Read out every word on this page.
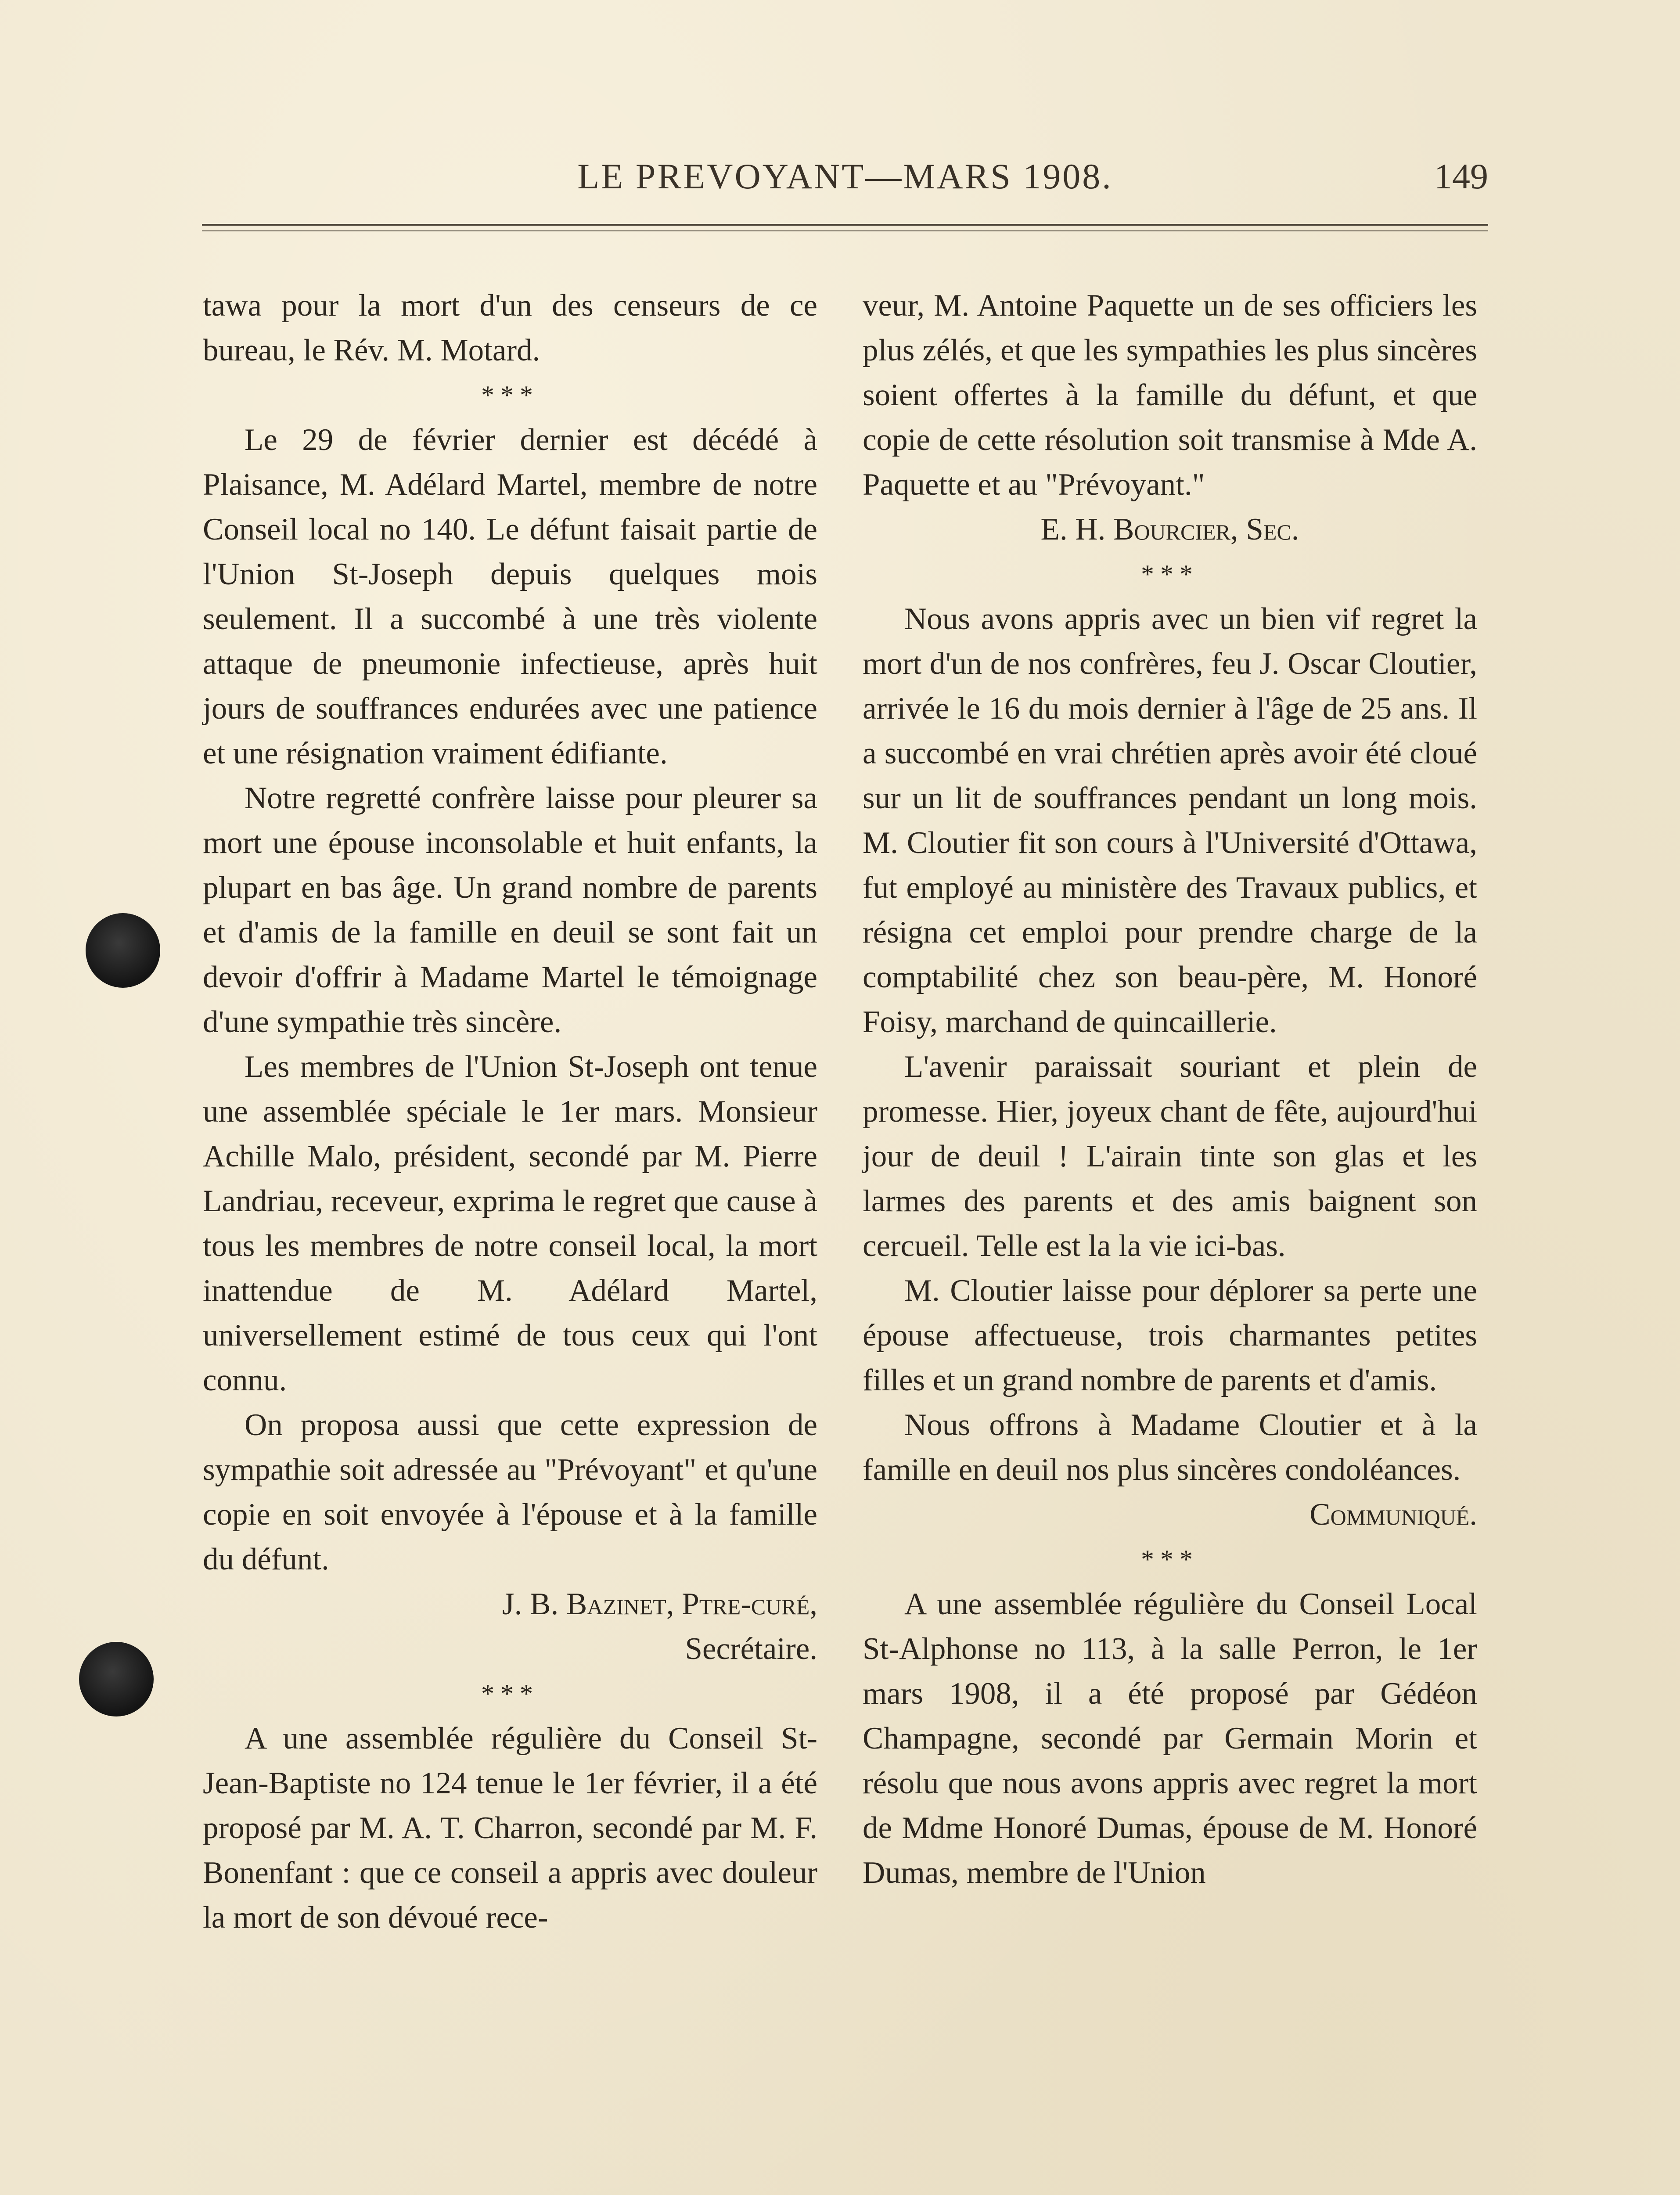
LE PREVOYANT—MARS 1908.	149

tawa pour la mort d'un des censeurs de ce bureau, le Rév. M. Motard.

***

Le 29 de février dernier est décédé à Plaisance, M. Adélard Martel, membre de notre Conseil local no 140. Le défunt faisait partie de l'Union St-Joseph depuis quelques mois seulement. Il a succombé à une très violente attaque de pneumonie infectieuse, après huit jours de souffrances endurées avec une patience et une résignation vraiment édifiante.

Notre regretté confrère laisse pour pleurer sa mort une épouse inconsolable et huit enfants, la plupart en bas âge. Un grand nombre de parents et d'amis de la famille en deuil se sont fait un devoir d'offrir à Madame Martel le témoignage d'une sympathie très sincère.

Les membres de l'Union St-Joseph ont tenue une assemblée spéciale le 1er mars. Monsieur Achille Malo, président, secondé par M. Pierre Landriau, receveur, exprima le regret que cause à tous les membres de notre conseil local, la mort inattendue de M. Adélard Martel, universellement estimé de tous ceux qui l'ont connu.

On proposa aussi que cette expression de sympathie soit adressée au "Prévoyant" et qu'une copie en soit envoyée à l'épouse et à la famille du défunt.

J. B. Bazinet, Ptre-curé,

Secrétaire.

***

A une assemblée régulière du Conseil St-Jean-Baptiste no 124 tenue le 1er février, il a été proposé par M. A. T. Charron, secondé par M. F. Bonenfant : que ce conseil a appris avec douleur la mort de son dévoué rece-

veur, M. Antoine Paquette un de ses officiers les plus zélés, et que les sympathies les plus sincères soient offertes à la famille du défunt, et que copie de cette résolution soit transmise à Mde A. Paquette et au "Prévoyant."

E. H. Bourcier, Sec.

***

Nous avons appris avec un bien vif regret la mort d'un de nos confrères, feu J. Oscar Cloutier, arrivée le 16 du mois dernier à l'âge de 25 ans. Il a succombé en vrai chrétien après avoir été cloué sur un lit de souffrances pendant un long mois. M. Cloutier fit son cours à l'Université d'Ottawa, fut employé au ministère des Travaux publics, et résigna cet emploi pour prendre charge de la comptabilité chez son beau-père, M. Honoré Foisy, marchand de quincaillerie.

L'avenir paraissait souriant et plein de promesse. Hier, joyeux chant de fête, aujourd'hui jour de deuil ! L'airain tinte son glas et les larmes des parents et des amis baignent son cercueil. Telle est la la vie ici-bas.

M. Cloutier laisse pour déplorer sa perte une épouse affectueuse, trois charmantes petites filles et un grand nombre de parents et d'amis.

Nous offrons à Madame Cloutier et à la famille en deuil nos plus sincères condoléances.

Communiqué.

***

A une assemblée régulière du Conseil Local St-Alphonse no 113, à la salle Perron, le 1er mars 1908, il a été proposé par Gédéon Champagne, secondé par Germain Morin et résolu que nous avons appris avec regret la mort de Mdme Honoré Dumas, épouse de M. Honoré Dumas, membre de l'Union
